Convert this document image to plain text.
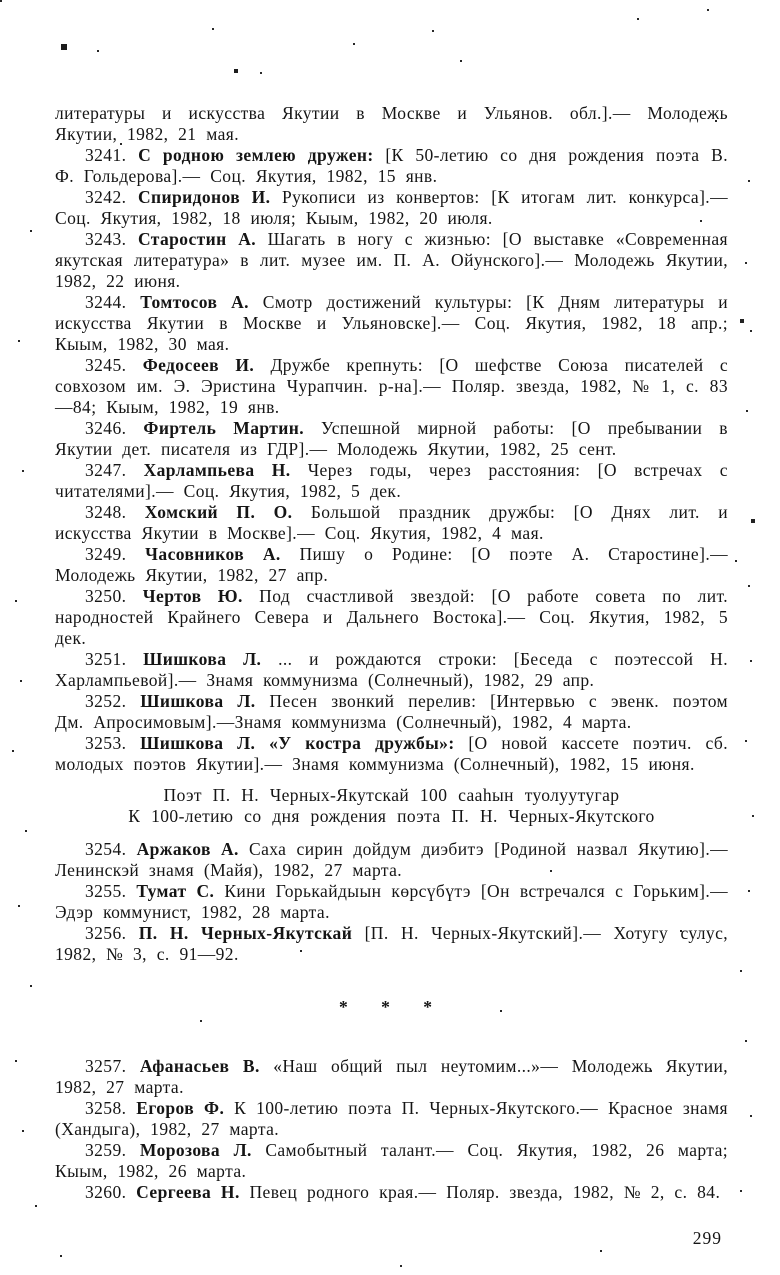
литературы и искусства Якутии в Москве и Ульянов. обл.].— Молодежь Якутии, 1982, 21 мая.

3241. С родною землею дружен: [К 50-летию со дня рождения поэта В. Ф. Гольдерова].— Соц. Якутия, 1982, 15 янв.

3242. Спиридонов И. Рукописи из конвертов: [К итогам лит. конкурса].— Соц. Якутия, 1982, 18 июля; Кыым, 1982, 20 июля.

3243. Старостин А. Шагать в ногу с жизнью: [О выставке «Современная якутская литература» в лит. музее им. П. А. Ойунского].— Молодежь Якутии, 1982, 22 июня.

3244. Томтосов А. Смотр достижений культуры: [К Дням литературы и искусства Якутии в Москве и Ульяновске].— Соц. Якутия, 1982, 18 апр.; Кыым, 1982, 30 мая.

3245. Федосеев И. Дружбе крепнуть: [О шефстве Союза писателей с совхозом им. Э. Эристина Чурапчин. р-на].— Поляр. звезда, 1982, № 1, с. 83—84; Кыым, 1982, 19 янв.

3246. Фиртель Мартин. Успешной мирной работы: [О пребывании в Якутии дет. писателя из ГДР].— Молодежь Якутии, 1982, 25 сент.

3247. Харлампьева Н. Через годы, через расстояния: [О встречах с читателями].— Соц. Якутия, 1982, 5 дек.

3248. Хомский П. О. Большой праздник дружбы: [О Днях лит. и искусства Якутии в Москве].— Соц. Якутия, 1982, 4 мая.

3249. Часовников А. Пишу о Родине: [О поэте А. Старостине].— Молодежь Якутии, 1982, 27 апр.

3250. Чертов Ю. Под счастливой звездой: [О работе совета по лит. народностей Крайнего Севера и Дальнего Востока].— Соц. Якутия, 1982, 5 дек.

3251. Шишкова Л. ... и рождаются строки: [Беседа с поэтессой Н. Харлампьевой].— Знамя коммунизма (Солнечный), 1982, 29 апр.

3252. Шишкова Л. Песен звонкий перелив: [Интервью с эвенк. поэтом Дм. Апросимовым].—Знамя коммунизма (Солнечный), 1982, 4 марта.

3253. Шишкова Л. «У костра дружбы»: [О новой кассете поэтич. сб. молодых поэтов Якутии].— Знамя коммунизма (Солнечный), 1982, 15 июня.

Поэт П. Н. Черных-Якутскай 100 сааһын туолуутугар
К 100-летию со дня рождения поэта П. Н. Черных-Якутского

3254. Аржаков А. Саха сирин дойдум диэбитэ [Родиной назвал Якутию].— Ленинскэй знамя (Майя), 1982, 27 марта.

3255. Тумат С. Кини Горькайдыын көрсүбүтэ [Он встречался с Горьким].— Эдэр коммунист, 1982, 28 марта.

3256. П. Н. Черных-Якутскай [П. Н. Черных-Якутский].— Хотугу сулус, 1982, № 3, с. 91—92.

* * *

3257. Афанасьев В. «Наш общий пыл неутомим...»— Молодежь Якутии, 1982, 27 марта.

3258. Егоров Ф. К 100-летию поэта П. Черных-Якутского.— Красное знамя (Хандыга), 1982, 27 марта.

3259. Морозова Л. Самобытный талант.— Соц. Якутия, 1982, 26 марта; Кыым, 1982, 26 марта.

3260. Сергеева Н. Певец родного края.— Поляр. звезда, 1982, № 2, с. 84.

299
